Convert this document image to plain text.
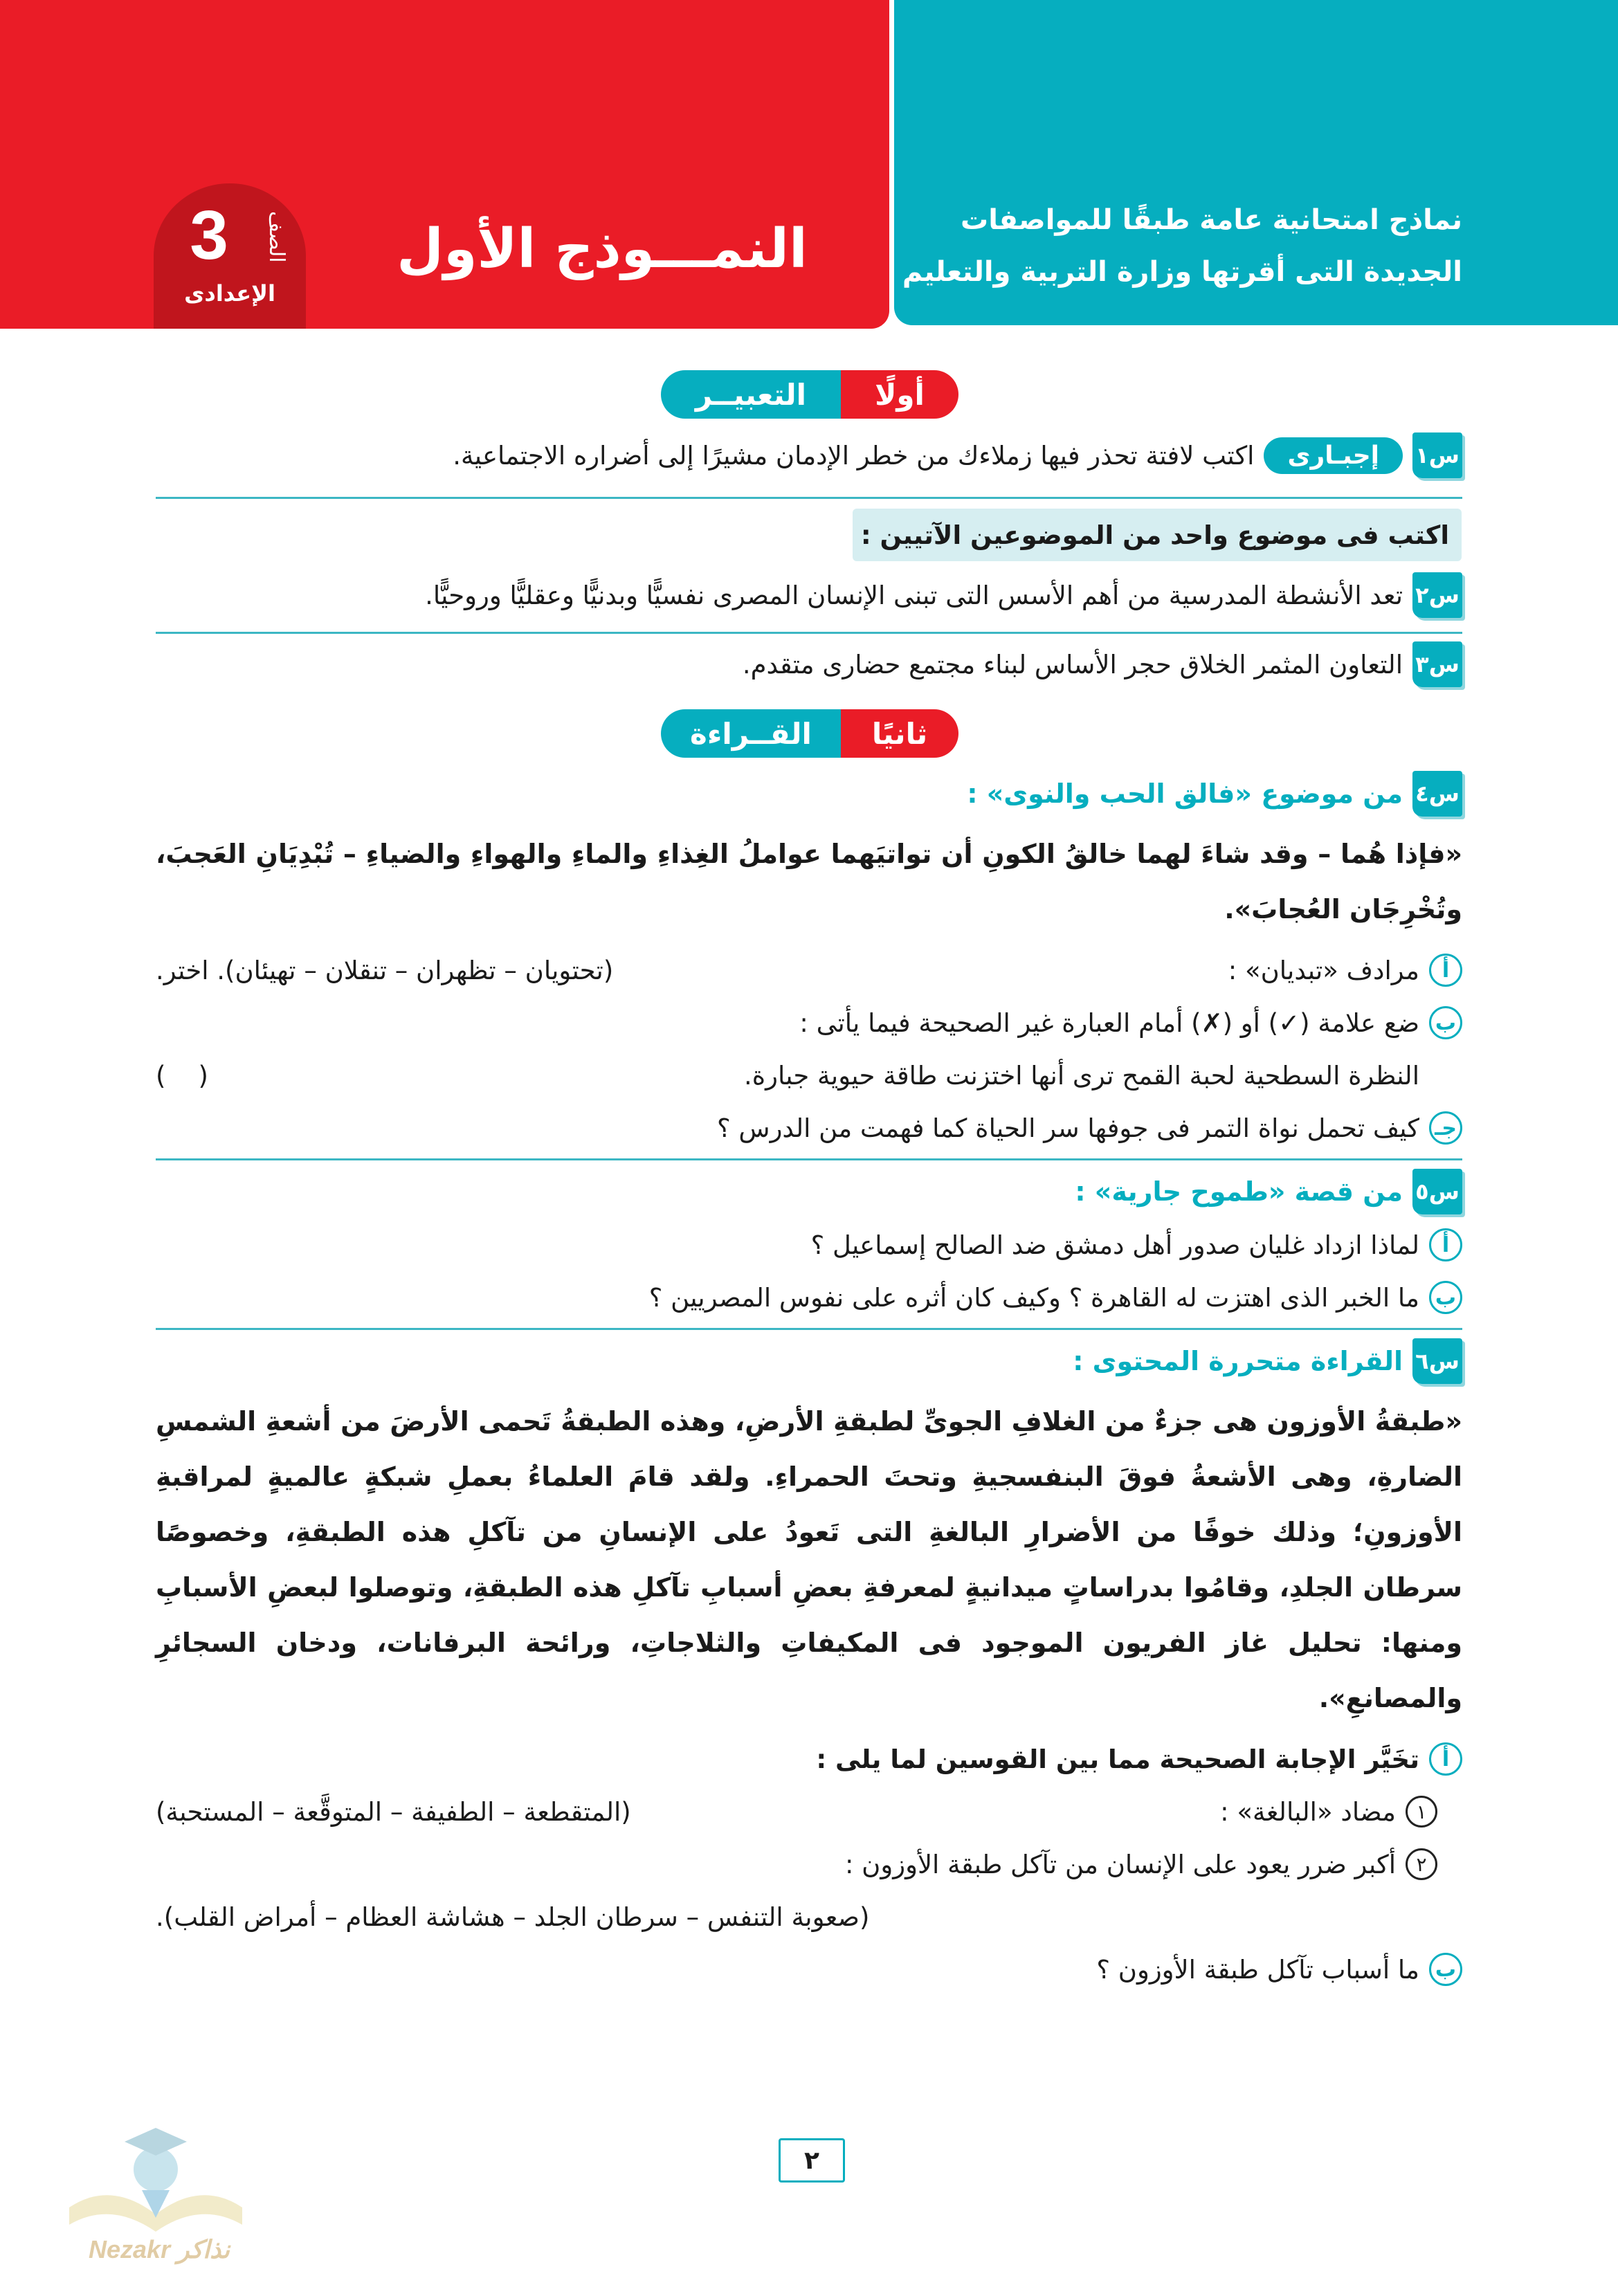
3	الصف
الإعدادى
النمـــوذج الأول	نماذج امتحانية عامة طبقًا للمواصفات
الجديدة التى أقرتها وزارة التربية والتعليم
أولًا
التعبيــر
س١
إجبـارى
اكتب لافتة تحذر فيها زملاءك من خطر الإدمان مشيرًا إلى أضراره الاجتماعية.
اكتب فى موضوع واحد من الموضوعين الآتيين :
س٢
تعد الأنشطة المدرسية من أهم الأسس التى تبنى الإنسان المصرى نفسيًّا وبدنيًّا وعقليًّا وروحيًّا.
س٣
التعاون المثمر الخلاق حجر الأساس لبناء مجتمع حضارى متقدم.
ثانيًا
القــراءة
س٤
من موضوع «فالق الحب والنوى» :
«فإذا هُما – وقد شاءَ لهما خالقُ الكونِ أن تواتيَهما عواملُ الغِذاءِ والماءِ والهواءِ والضياءِ – تُبْدِيَانِ العَجبَ، وتُخْرِجَان العُجابَ».
أ
مرادف «تبديان» :
(تحتويان – تظهران – تنقلان – تهيئان). اختر.
ب
ضع علامة (✓) أو (✗) أمام العبارة غير الصحيحة فيما يأتى :
النظرة السطحية لحبة القمح ترى أنها اختزنت طاقة حيوية جبارة.
(    )
جـ
كيف تحمل نواة التمر فى جوفها سر الحياة كما فهمت من الدرس ؟
س٥
من قصة «طموح جارية» :
أ
لماذا ازداد غليان صدور أهل دمشق ضد الصالح إسماعيل ؟
ب
ما الخبر الذى اهتزت له القاهرة ؟ وكيف كان أثره على نفوس المصريين ؟
س٦
القراءة متحررة المحتوى :
«طبقةُ الأوزون هى جزءٌ من الغلافِ الجوىِّ لطبقةِ الأرضِ، وهذه الطبقةُ تَحمى الأرضَ من أشعةِ الشمسِ الضارةِ، وهى الأشعةُ فوقَ البنفسجيةِ وتحتَ الحمراءِ. ولقد قامَ العلماءُ بعملِ شبكةٍ عالميةٍ لمراقبةِ الأوزونِ؛ وذلك خوفًا من الأضرارِ البالغةِ التى تَعودُ على الإنسانِ من تآكلِ هذه الطبقةِ، وخصوصًا سرطان الجلدِ، وقامُوا بدراساتٍ ميدانيةٍ لمعرفةِ بعضِ أسبابِ تآكلِ هذه الطبقةِ، وتوصلوا لبعضِ الأسبابِ ومنها: تحليل غاز الفريون الموجود فى المكيفاتِ والثلاجاتِ، ورائحة البرفانات، ودخان السجائرِ والمصانعِ».
أ
تخَيَّر الإجابة الصحيحة مما بين القوسين لما يلى :
١
مضاد «البالغة» :
(المتقطعة – الطفيفة – المتوقَّعة – المستحبة)
٢
أكبر ضرر يعود على الإنسان من تآكل طبقة الأوزون :
(صعوبة التنفس – سرطان الجلد – هشاشة العظام – أمراض القلب).
ب
ما أسباب تآكل طبقة الأوزون ؟
٢
Nezakr نذاكر
